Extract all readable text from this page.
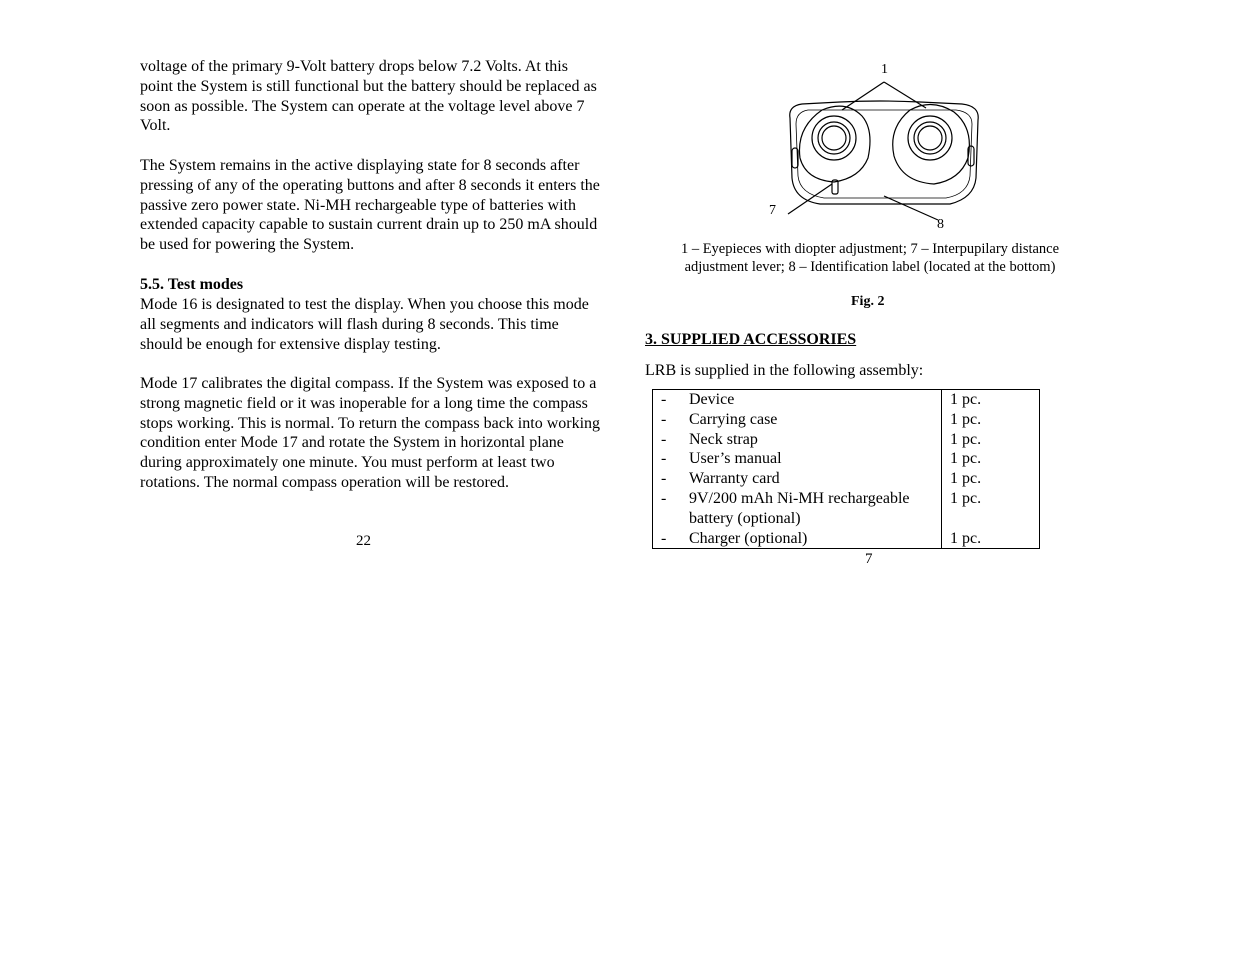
voltage of the primary 9-Volt battery drops below 7.2 Volts. At this point the System is still functional but the battery should be replaced as soon as possible. The System can operate at the voltage level above 7 Volt.

The System remains in the active displaying state for 8 seconds after pressing of any of the operating buttons and after 8 seconds it enters the passive zero power state. Ni-MH rechargeable type of batteries with extended capacity capable to sustain current drain up to 250 mA should be used for powering the System.

5.5. Test modes

Mode 16 is designated to test the display. When you choose this mode all segments and indicators will flash during 8 seconds. This time should be enough for extensive display testing.

Mode 17 calibrates the digital compass. If the System was exposed to a strong magnetic field or it was inoperable for a long time the compass stops working. This is normal. To return the compass back into working condition enter Mode 17 and rotate the System in horizontal plane during approximately one minute. You must perform at least two rotations. The normal compass operation will be restored.

22
1
7
8

1 – Eyepieces with diopter adjustment; 7 – Interpupilary distance
adjustment lever; 8 – Identification label (located at the bottom)

Fig. 2

3. SUPPLIED ACCESSORIES

LRB is supplied in the following assembly:

-	Device	1 pc.
-	Carrying case	1 pc.
-	Neck strap	1 pc.
-	User’s manual	1 pc.
-	Warranty card	1 pc.
-	9V/200 mAh Ni-MH rechargeable battery (optional)	1 pc.
-	Charger (optional)	1 pc.
7
